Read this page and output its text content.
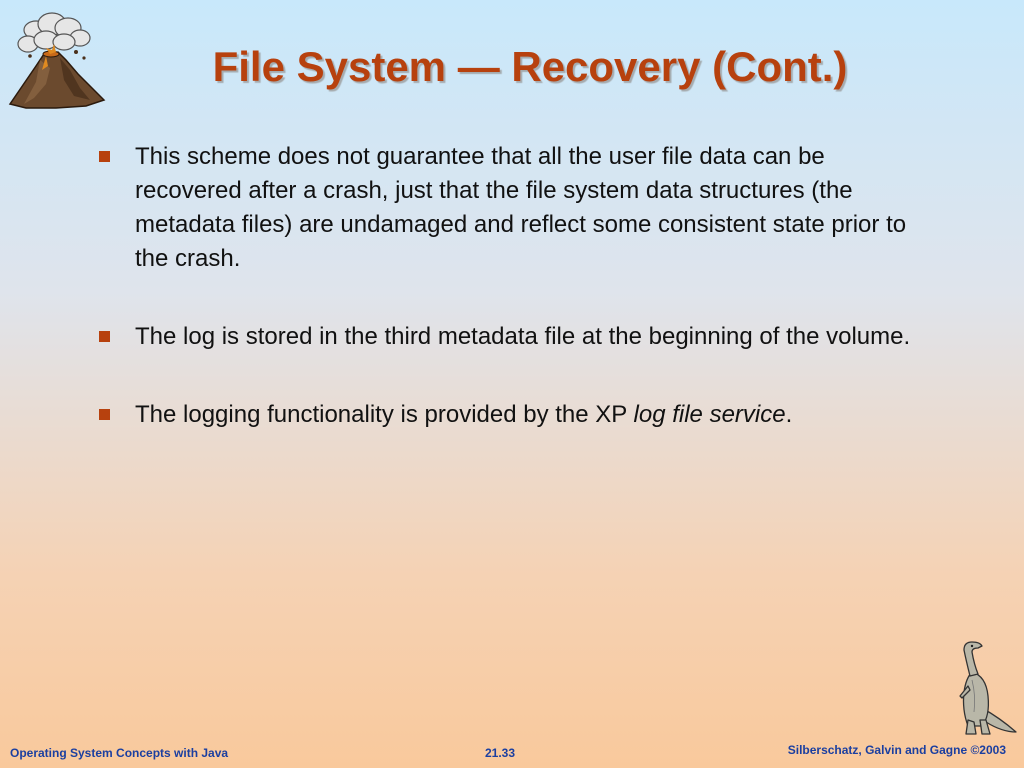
File System — Recovery (Cont.)
This scheme does not guarantee that all the user file data can be recovered after a crash, just that the file system data structures (the metadata files) are undamaged and reflect some consistent state prior to the crash.
The log is stored in the third metadata file at the beginning of the volume.
The logging functionality is provided by the XP log file service.
Operating System Concepts with Java	21.33	Silberschatz, Galvin and Gagne ©2003
